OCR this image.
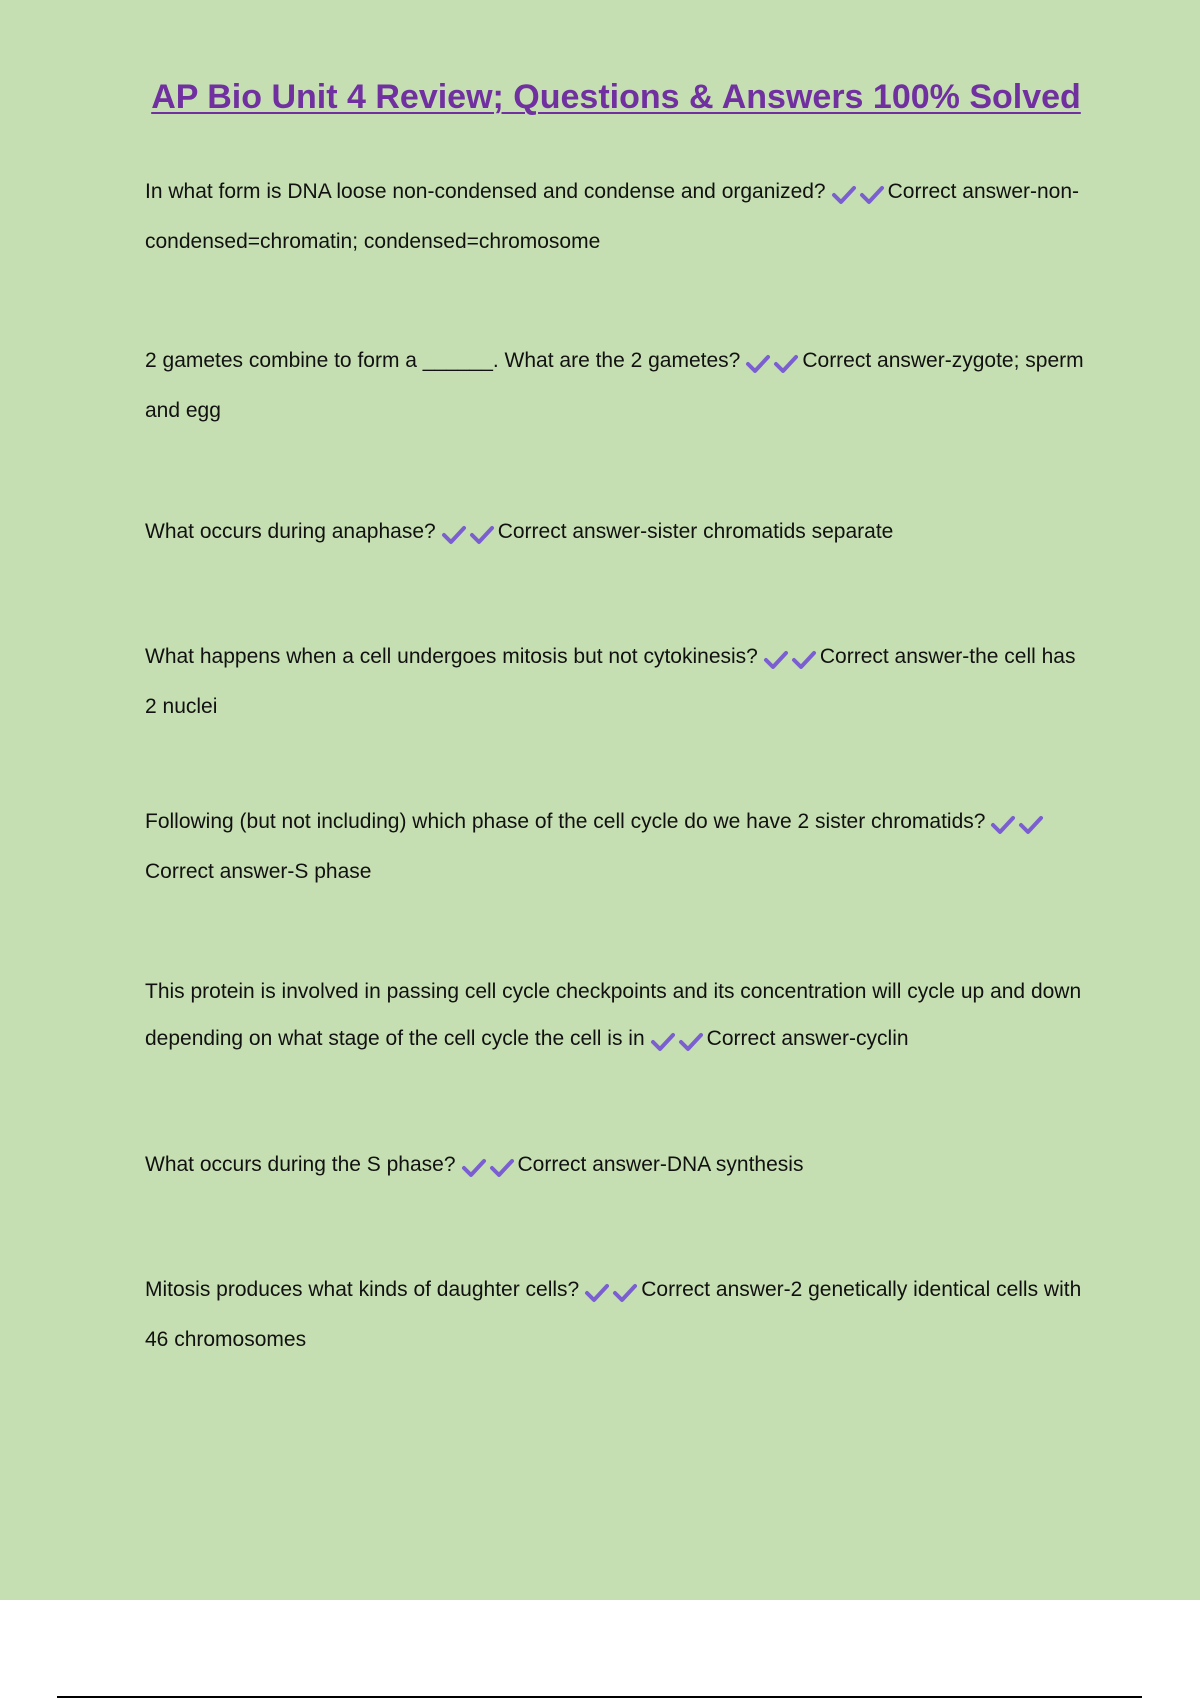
AP Bio Unit 4 Review; Questions & Answers 100% Solved
In what form is DNA loose non-condensed and condense and organized?	Correct answer-non-condensed=chromatin; condensed=chromosome
2 gametes combine to form a ______. What are the 2 gametes?	Correct answer-zygote; sperm and egg
What occurs during anaphase?	Correct answer-sister chromatids separate
What happens when a cell undergoes mitosis but not cytokinesis?	Correct answer-the cell has 2 nuclei
Following (but not including) which phase of the cell cycle do we have 2 sister chromatids?Correct answer-S phase
This protein is involved in passing cell cycle checkpoints and its concentration will cycle up and down depending on what stage of the cell cycle the cell is in	Correct answer-cyclin
What occurs during the S phase?	Correct answer-DNA synthesis
Mitosis produces what kinds of daughter cells?	Correct answer-2 genetically identical cells with 46 chromosomes
